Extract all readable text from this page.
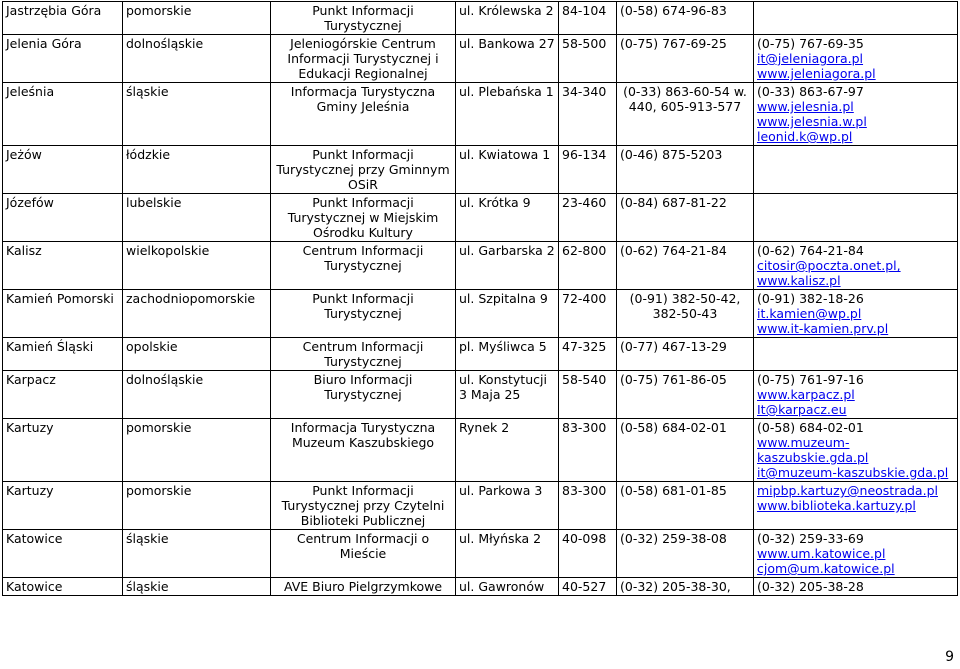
Jastrzębia Góra	pomorskie	Punkt Informacji Turystycznej	ul. Królewska 2	84-104	(0-58) 674-96-83	
Jelenia Góra	dolnośląskie	Jeleniogórskie Centrum Informacji Turystycznej i Edukacji Regionalnej	ul. Bankowa 27	58-500	(0-75) 767-69-25	(0-75) 767-69-35
it@jeleniagora.pl
www.jeleniagora.pl

Jeleśnia	śląskie	Informacja Turystyczna Gminy Jeleśnia	ul. Plebańska 1	34-340	(0-33) 863-60-54 w. 440, 605-913-577	(0-33) 863-67-97
www.jelesnia.pl
www.jelesnia.w.pl
leonid.k@wp.pl

Jeżów	łódzkie	Punkt Informacji Turystycznej przy Gminnym OSiR	ul. Kwiatowa 1	96-134	(0-46) 875-5203	
Józefów	lubelskie	Punkt Informacji Turystycznej w Miejskim Ośrodku Kultury	ul. Krótka 9	23-460	(0-84) 687-81-22	
Kalisz	wielkopolskie	Centrum Informacji Turystycznej	ul. Garbarska 2	62-800	(0-62) 764-21-84	(0-62) 764-21-84
citosir@poczta.onet.pl,
www.kalisz.pl

Kamień Pomorski	zachodniopomorskie	Punkt Informacji Turystycznej	ul. Szpitalna 9	72-400	(0-91) 382-50-42, 382-50-43	(0-91) 382-18-26
it.kamien@wp.pl
www.it-kamien.prv.pl

Kamień Śląski	opolskie	Centrum Informacji Turystycznej	pl. Myśliwca 5	47-325	(0-77) 467-13-29	
Karpacz	dolnośląskie	Biuro Informacji Turystycznej	ul. Konstytucji 3 Maja 25	58-540	(0-75) 761-86-05	(0-75) 761-97-16
www.karpacz.pl
It@karpacz.eu

Kartuzy	pomorskie	Informacja Turystyczna Muzeum Kaszubskiego	Rynek 2	83-300	(0-58) 684-02-01	(0-58) 684-02-01
www.muzeum-kaszubskie.gda.pl
it@muzeum-kaszubskie.gda.pl

Kartuzy	pomorskie	Punkt Informacji Turystycznej przy Czytelni Biblioteki Publicznej	ul. Parkowa 3	83-300	(0-58) 681-01-85	mipbp.kartuzy@neostrada.pl
www.biblioteka.kartuzy.pl

Katowice	śląskie	Centrum Informacji o Mieście	ul. Młyńska 2	40-098	(0-32) 259-38-08	(0-32) 259-33-69
www.um.katowice.pl
cjom@um.katowice.pl

Katowice	śląskie	AVE Biuro Pielgrzymkowe	ul. Gawronów	40-527	(0-32) 205-38-30,	(0-32) 205-38-28
9
